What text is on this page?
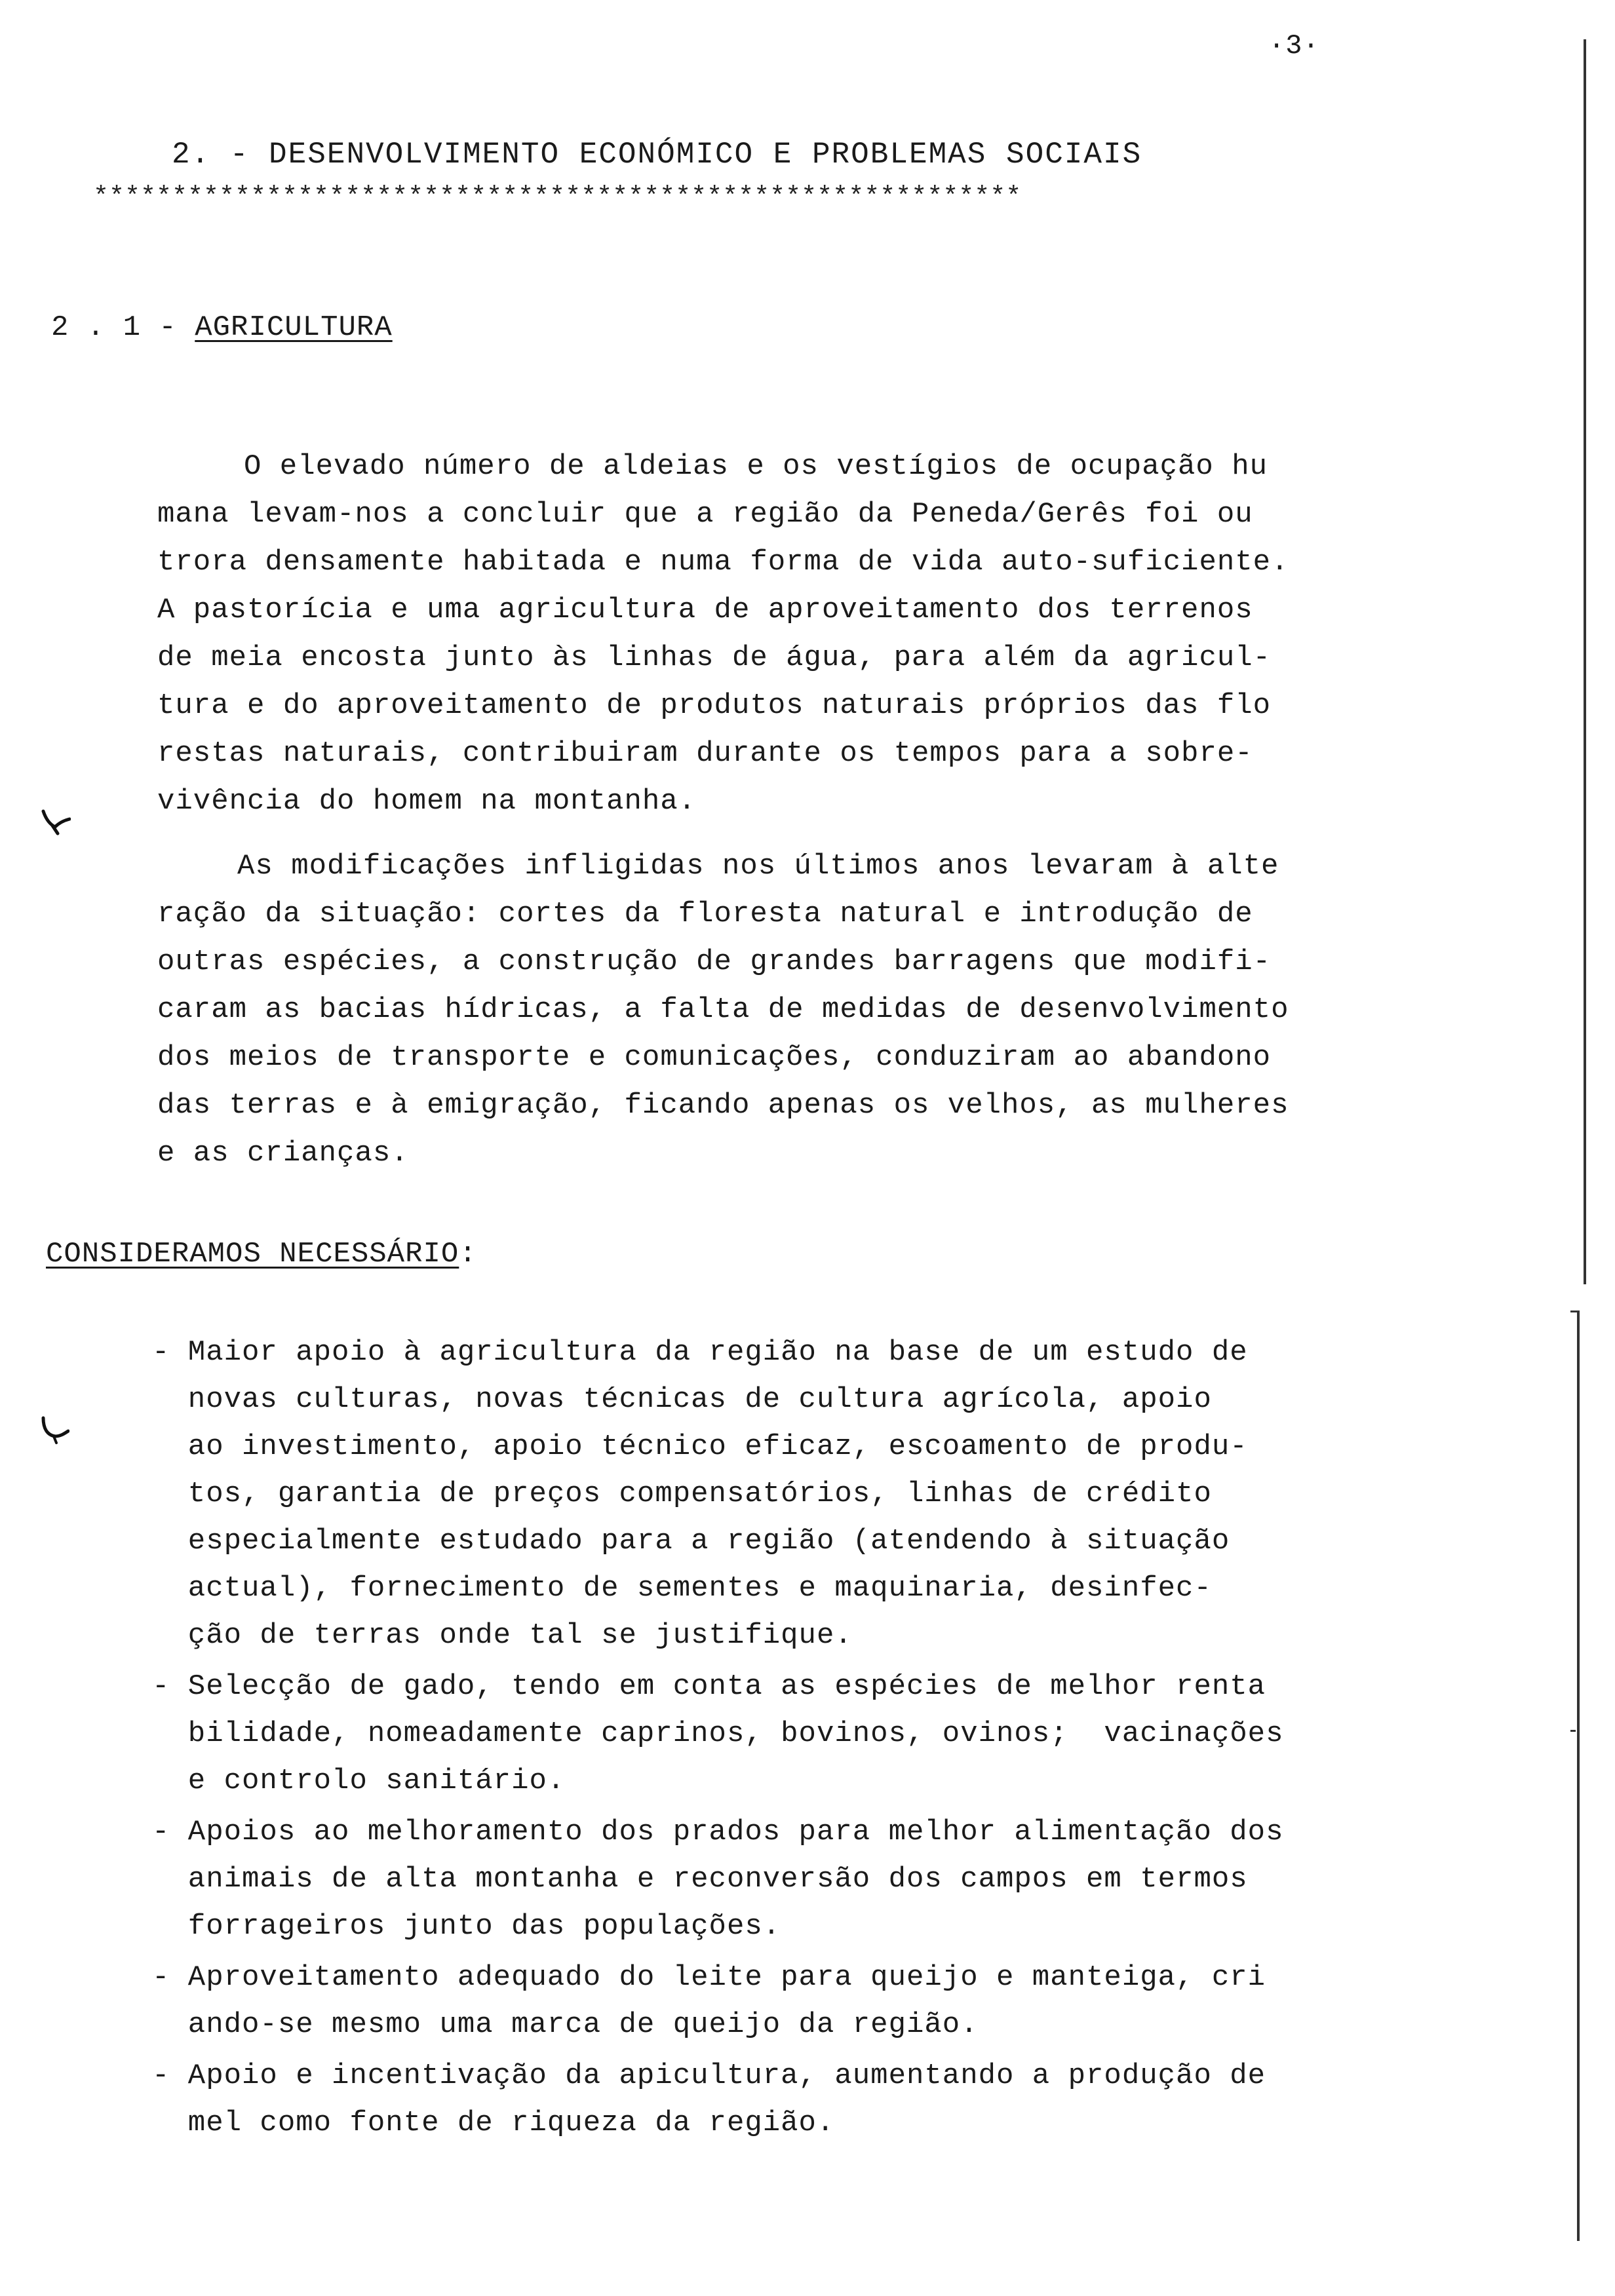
·3·
2. - DESENVOLVIMENTO ECONÓMICO E PROBLEMAS SOCIAIS
***********************************************************
2 . 1 - AGRICULTURA
O elevado número de aldeias e os vestígios de ocupação hu
mana levam-nos a concluir que a região da Peneda/Gerês foi ou
trora densamente habitada e numa forma de vida auto-suficiente.
A pastorícia e uma agricultura de aproveitamento dos terrenos
de meia encosta junto às linhas de água, para além da agricul-
tura e do aproveitamento de produtos naturais próprios das flo
restas naturais, contribuiram durante os tempos para a sobre-
vivência do homem na montanha.
As modificações infligidas nos últimos anos levaram à alte
ração da situação: cortes da floresta natural e introdução de
outras espécies, a construção de grandes barragens que modifi-
caram as bacias hídricas, a falta de medidas de desenvolvimento
dos meios de transporte e comunicações, conduziram ao abandono
das terras e à emigração, ficando apenas os velhos, as mulheres
e as crianças.
CONSIDERAMOS NECESSÁRIO:
- Maior apoio à agricultura da região na base de um estudo de
novas culturas, novas técnicas de cultura agrícola, apoio
ao investimento, apoio técnico eficaz, escoamento de produ-
tos, garantia de preços compensatórios, linhas de crédito
especialmente estudado para a região (atendendo à situação
actual), fornecimento de sementes e maquinaria, desinfec-
ção de terras onde tal se justifique.
- Selecção de gado, tendo em conta as espécies de melhor renta
bilidade, nomeadamente caprinos, bovinos, ovinos;  vacinações
e controlo sanitário.
- Apoios ao melhoramento dos prados para melhor alimentação dos
animais de alta montanha e reconversão dos campos em termos
forrageiros junto das populações.
- Aproveitamento adequado do leite para queijo e manteiga, cri
ando-se mesmo uma marca de queijo da região.
- Apoio e incentivação da apicultura, aumentando a produção de
mel como fonte de riqueza da região.
